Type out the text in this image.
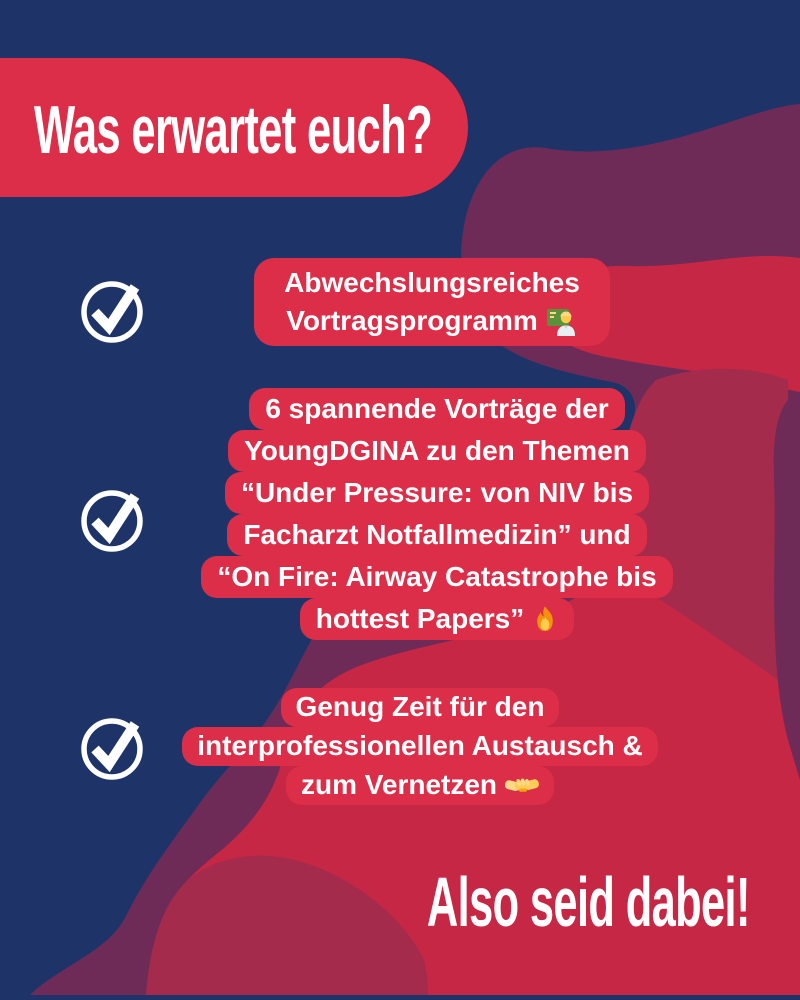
Was erwartet euch?
Abwechslungsreiches
Vortragsprogramm
6 spannende Vorträge der
YoungDGINA zu den Themen
“Under Pressure: von NIV bis
Facharzt Notfallmedizin” und
“On Fire: Airway Catastrophe bis
hottest Papers”
Genug Zeit für den
interprofessionellen Austausch &
zum Vernetzen
Also seid dabei!
